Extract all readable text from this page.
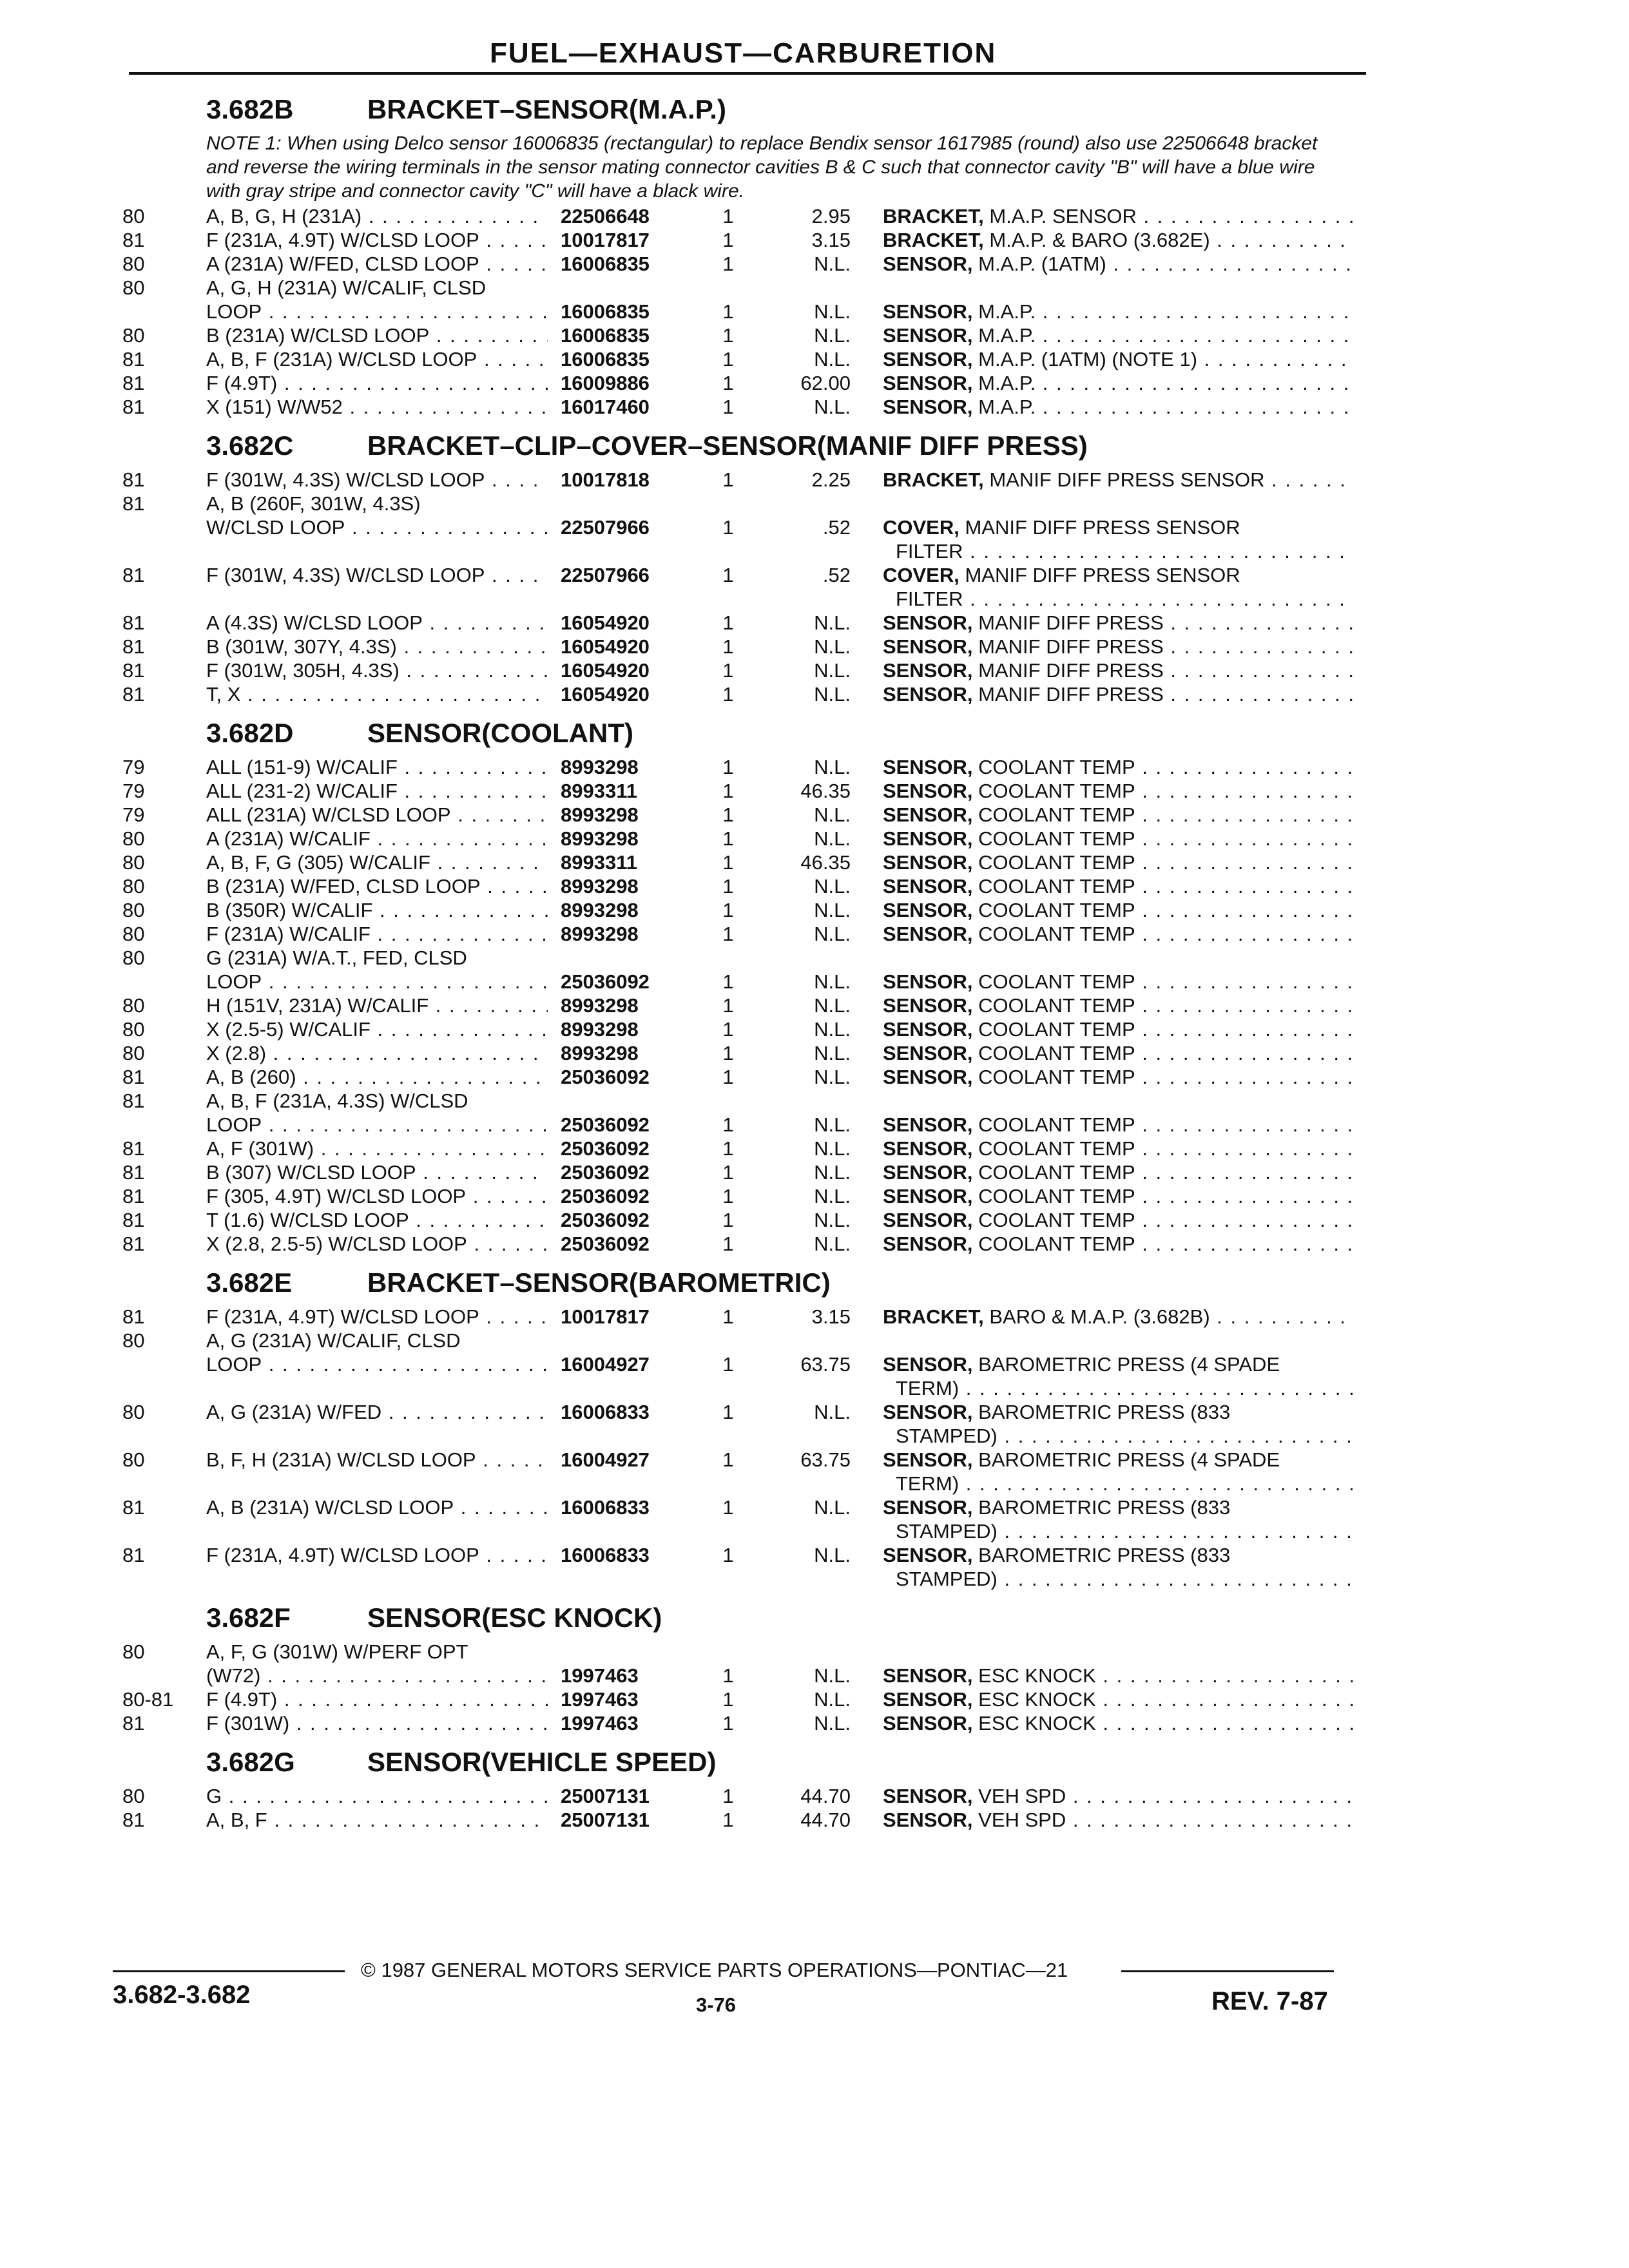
FUEL—EXHAUST—CARBURETION
3.682B	BRACKET–SENSOR(M.A.P.)
NOTE 1: When using Delco sensor 16006835 (rectangular) to replace Bendix sensor 1617985 (round) also use 22506648 bracket and reverse the wiring terminals in the sensor mating connector cavities B & C such that connector cavity "B" will have a blue wire with gray stripe and connector cavity "C" will have a black wire.
80	A, B, G, H (231A) . . .	22506648	1	2.95 BRACKET, M.A.P. SENSOR . . .
81	F (231A, 4.9T) W/CLSD LOOP . . .	10017817	1	3.15 BRACKET, M.A.P. & BARO (3.682E) . . .
80	A (231A) W/FED, CLSD LOOP . . .	16006835	1	N.L. SENSOR, M.A.P. (1ATM) . . .
80	A, G, H (231A) W/CALIF, CLSD
LOOP . . .	16006835	1	N.L. SENSOR, M.A.P. . . .
80	B (231A) W/CLSD LOOP . . .	16006835	1	N.L. SENSOR, M.A.P. . . .
81	A, B, F (231A) W/CLSD LOOP . . .	16006835	1	N.L. SENSOR, M.A.P. (1ATM) (NOTE 1) . . .
81	F (4.9T) . . .	16009886	1	62.00 SENSOR, M.A.P. . . .
81	X (151) W/W52 . . .	16017460	1	N.L. SENSOR, M.A.P. . . .
3.682C	BRACKET–CLIP–COVER–SENSOR(MANIF DIFF PRESS)
81	F (301W, 4.3S) W/CLSD LOOP . . .	10017818	1	2.25 BRACKET, MANIF DIFF PRESS SENSOR . . .
81	A, B (260F, 301W, 4.3S)
W/CLSD LOOP . . .	22507966	1	.52 COVER, MANIF DIFF PRESS SENSOR
FILTER . . .
81	F (301W, 4.3S) W/CLSD LOOP . . .	22507966	1	.52 COVER, MANIF DIFF PRESS SENSOR
FILTER . . .
81	A (4.3S) W/CLSD LOOP . . .	16054920	1	N.L. SENSOR, MANIF DIFF PRESS . . .
81	B (301W, 307Y, 4.3S) . . .	16054920	1	N.L. SENSOR, MANIF DIFF PRESS . . .
81	F (301W, 305H, 4.3S) . . .	16054920	1	N.L. SENSOR, MANIF DIFF PRESS . . .
81	T, X . . .	16054920	1	N.L. SENSOR, MANIF DIFF PRESS . . .
3.682D	SENSOR(COOLANT)
79	ALL (151-9) W/CALIF . . .	8993298	1	N.L. SENSOR, COOLANT TEMP . . .
79	ALL (231-2) W/CALIF . . .	8993311	1	46.35 SENSOR, COOLANT TEMP . . .
79	ALL (231A) W/CLSD LOOP . . .	8993298	1	N.L. SENSOR, COOLANT TEMP . . .
80	A (231A) W/CALIF . . .	8993298	1	N.L. SENSOR, COOLANT TEMP . . .
80	A, B, F, G (305) W/CALIF . . .	8993311	1	46.35 SENSOR, COOLANT TEMP . . .
80	B (231A) W/FED, CLSD LOOP . . .	8993298	1	N.L. SENSOR, COOLANT TEMP . . .
80	B (350R) W/CALIF . . .	8993298	1	N.L. SENSOR, COOLANT TEMP . . .
80	F (231A) W/CALIF . . .	8993298	1	N.L. SENSOR, COOLANT TEMP . . .
80	G (231A) W/A.T., FED, CLSD
LOOP . . .	25036092	1	N.L. SENSOR, COOLANT TEMP . . .
80	H (151V, 231A) W/CALIF . . .	8993298	1	N.L. SENSOR, COOLANT TEMP . . .
80	X (2.5-5) W/CALIF . . .	8993298	1	N.L. SENSOR, COOLANT TEMP . . .
80	X (2.8) . . .	8993298	1	N.L. SENSOR, COOLANT TEMP . . .
81	A, B (260) . . .	25036092	1	N.L. SENSOR, COOLANT TEMP . . .
81	A, B, F (231A, 4.3S) W/CLSD
LOOP . . .	25036092	1	N.L. SENSOR, COOLANT TEMP . . .
81	A, F (301W) . . .	25036092	1	N.L. SENSOR, COOLANT TEMP . . .
81	B (307) W/CLSD LOOP . . .	25036092	1	N.L. SENSOR, COOLANT TEMP . . .
81	F (305, 4.9T) W/CLSD LOOP . . .	25036092	1	N.L. SENSOR, COOLANT TEMP . . .
81	T (1.6) W/CLSD LOOP . . .	25036092	1	N.L. SENSOR, COOLANT TEMP . . .
81	X (2.8, 2.5-5) W/CLSD LOOP . . .	25036092	1	N.L. SENSOR, COOLANT TEMP . . .
3.682E	BRACKET–SENSOR(BAROMETRIC)
81	F (231A, 4.9T) W/CLSD LOOP . . .	10017817	1	3.15 BRACKET, BARO & M.A.P. (3.682B) . . .
80	A, G (231A) W/CALIF, CLSD
LOOP . . .	16004927	1	63.75 SENSOR, BAROMETRIC PRESS (4 SPADE
TERM) . . .
80	A, G (231A) W/FED . . .	16006833	1	N.L. SENSOR, BAROMETRIC PRESS (833
STAMPED) . . .
80	B, F, H (231A) W/CLSD LOOP . . .	16004927	1	63.75 SENSOR, BAROMETRIC PRESS (4 SPADE
TERM) . . .
81	A, B (231A) W/CLSD LOOP . . .	16006833	1	N.L. SENSOR, BAROMETRIC PRESS (833
STAMPED) . . .
81	F (231A, 4.9T) W/CLSD LOOP . . .	16006833	1	N.L. SENSOR, BAROMETRIC PRESS (833
STAMPED) . . .
3.682F	SENSOR(ESC KNOCK)
80	A, F, G (301W) W/PERF OPT
(W72) . . .	1997463	1	N.L. SENSOR, ESC KNOCK . . .
80-81	F (4.9T) . . .	1997463	1	N.L. SENSOR, ESC KNOCK . . .
81	F (301W) . . .	1997463	1	N.L. SENSOR, ESC KNOCK . . .
3.682G	SENSOR(VEHICLE SPEED)
80	G . . .	25007131	1	44.70 SENSOR, VEH SPD . . .
81	A, B, F . . .	25007131	1	44.70 SENSOR, VEH SPD . . .
© 1987 GENERAL MOTORS SERVICE PARTS OPERATIONS—PONTIAC—21
3.682-3.682	3-76	REV. 7-87
